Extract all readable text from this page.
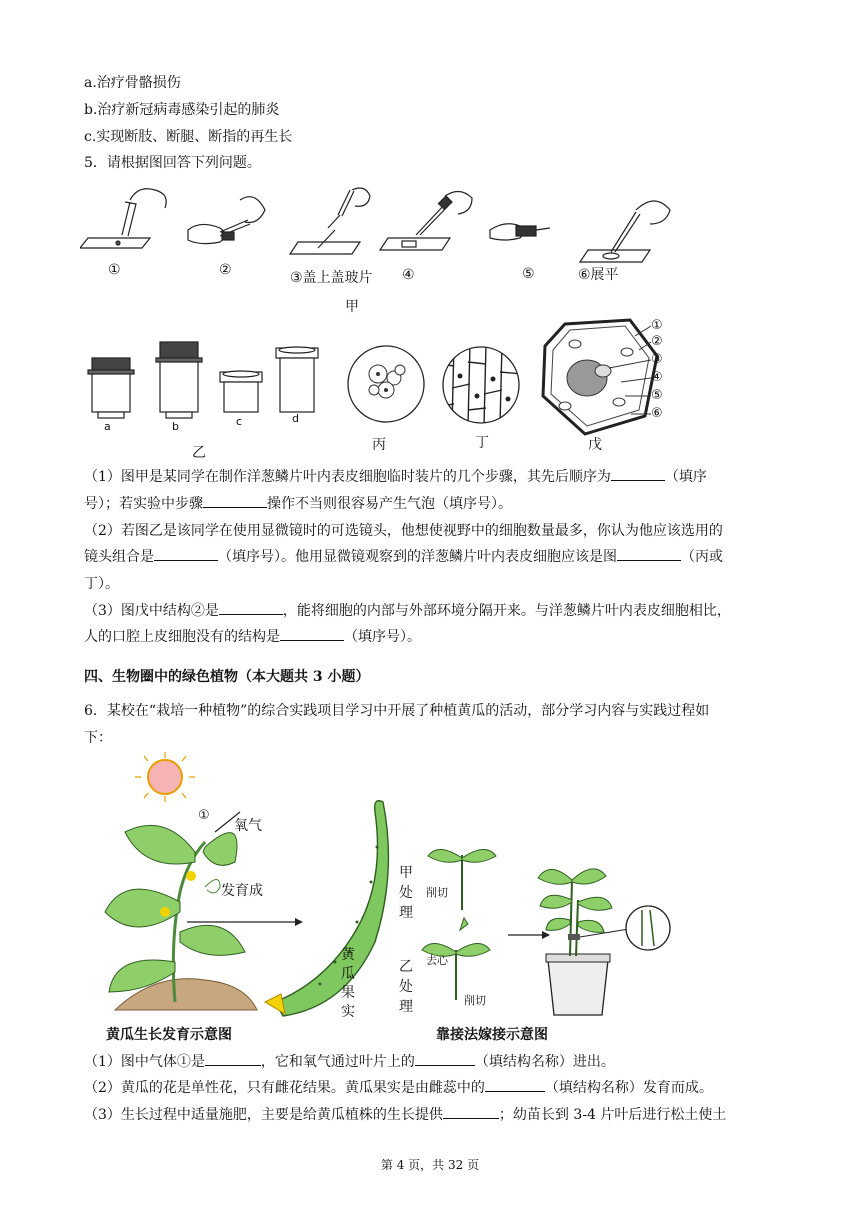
a.治疗骨骼损伤
b.治疗新冠病毒感染引起的肺炎
c.实现断肢、断腿、断指的再生长
5．请根据图回答下列问题。
①	②	③盖上盖玻片 ④	⑤	⑥展平
甲
a	b	c	d
乙	丙	丁
①
②
③
④
⑤
⑥
戊
（1）图甲是某同学在制作洋葱鳞片叶内表皮细胞临时装片的几个步骤，其先后顺序为	（填序
号）；若实验中步骤	操作不当则很容易产生气泡（填序号）。
（2）若图乙是该同学在使用显微镜时的可选镜头，他想使视野中的细胞数量最多，你认为他应该选用的
镜头组合是	（填序号）。他用显微镜观察到的洋葱鳞片叶内表皮细胞应该是图	（丙或
丁）。
（3）图戊中结构②是	，能将细胞的内部与外部环境分隔开来。与洋葱鳞片叶内表皮细胞相比，
人的口腔上皮细胞没有的结构是	（填序号）。
四、生物圈中的绿色植物（本大题共 3 小题）
6．某校在“栽培一种植物”的综合实践项目学习中开展了种植黄瓜的活动，部分学习内容与实践过程如
下：
①
氧气
发育成
黄
瓜
果
实
黄瓜生长发育示意图
甲
处
理
削切
乙
处
理
去心
削切
靠接法嫁接示意图
（1）图中气体①是	，它和氧气通过叶片上的	（填结构名称）进出。
（2）黄瓜的花是单性花，只有雌花结果。黄瓜果实是由雌蕊中的	（填结构名称）发育而成。
（3）生长过程中适量施肥，主要是给黄瓜植株的生长提供	；幼苗长到 3-4 片叶后进行松土使土
第 4 页，共 32 页
